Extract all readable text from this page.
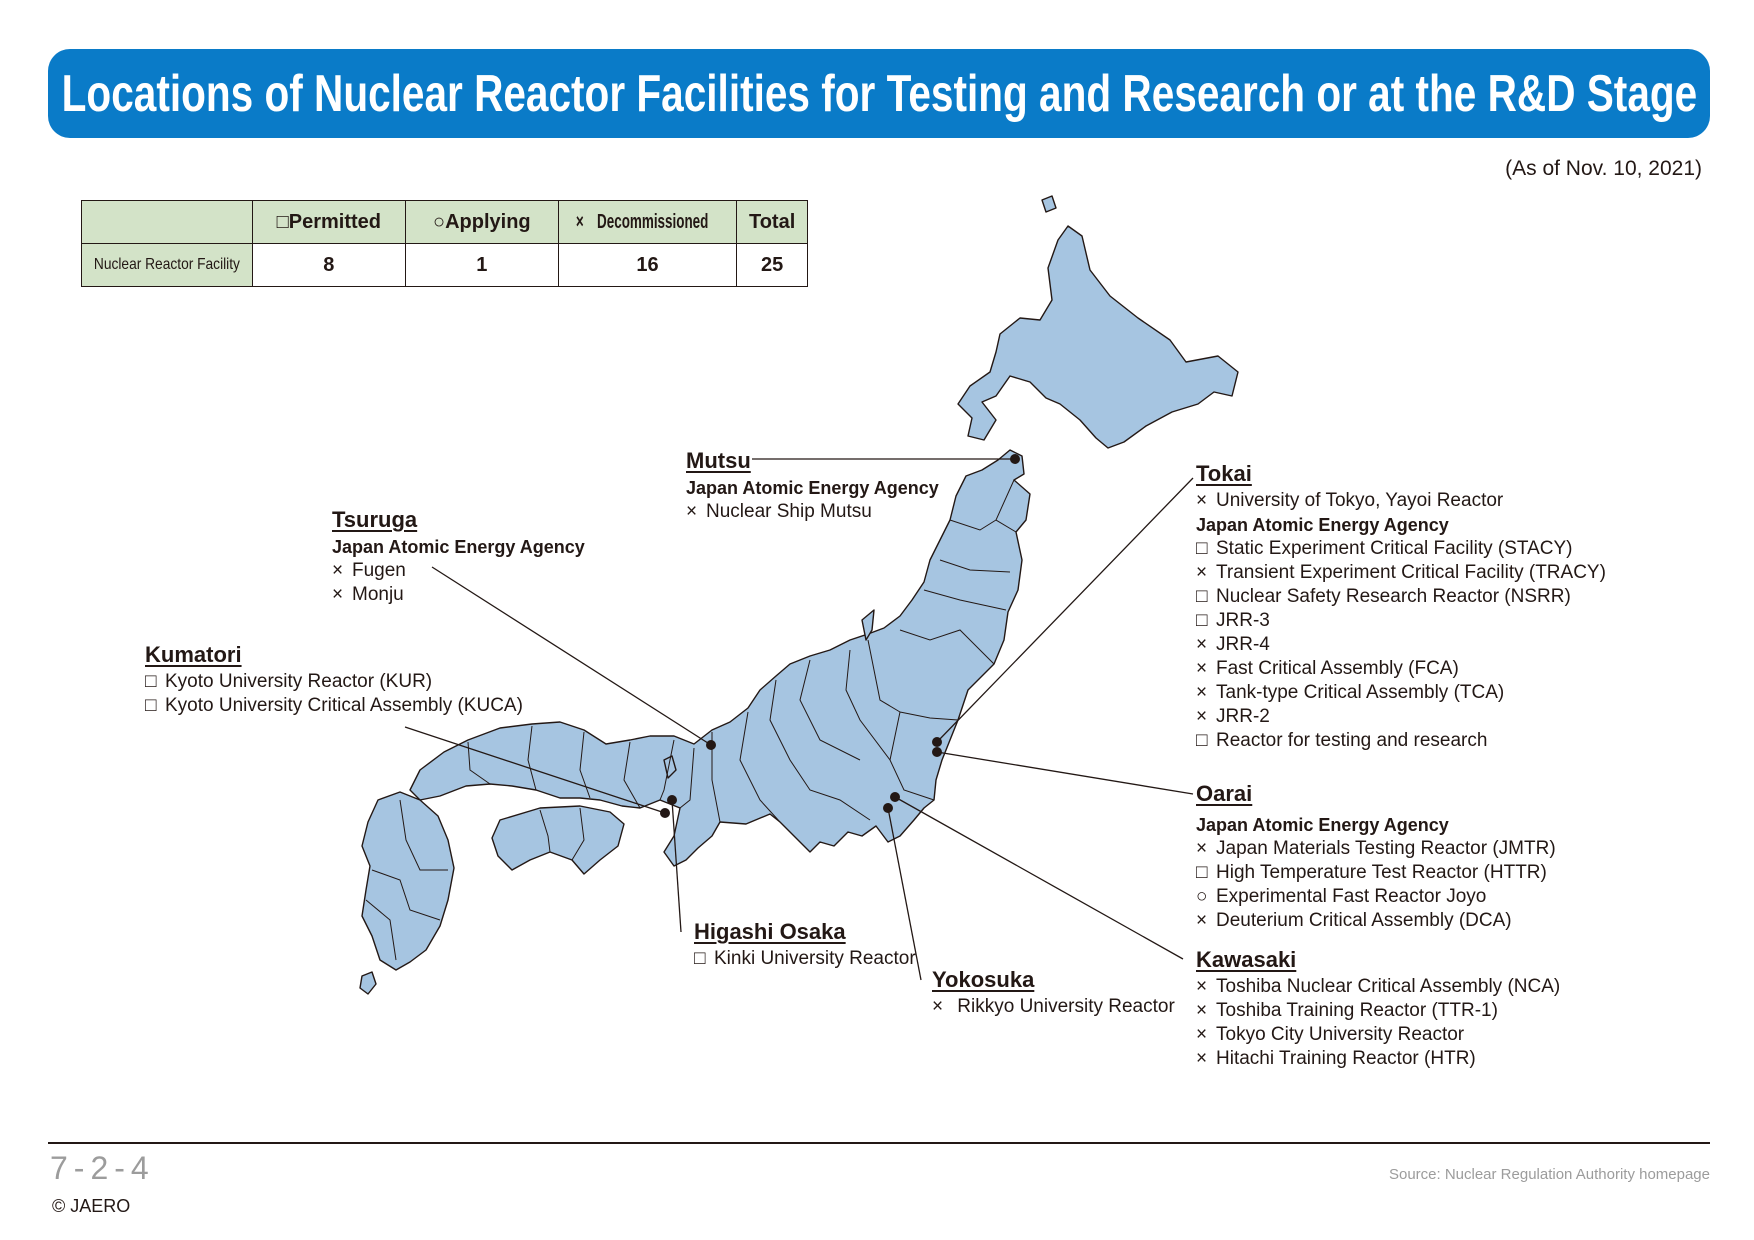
Locations of Nuclear Reactor Facilities for Testing and Research or at the R&D Stage
(As of Nov. 10, 2021)
	□Permitted	○Applying	× Decommissioned	Total
Nuclear Reactor Facility	8	1	16	25
Mutsu
Japan Atomic Energy Agency
× Nuclear Ship Mutsu
Tsuruga
Japan Atomic Energy Agency
× Fugen
× Monju
Kumatori
□ Kyoto University Reactor (KUR)
□ Kyoto University Critical Assembly (KUCA)
Tokai
× University of Tokyo, Yayoi Reactor
Japan Atomic Energy Agency
□ Static Experiment Critical Facility (STACY)
× Transient Experiment Critical Facility (TRACY)
□ Nuclear Safety Research Reactor (NSRR)
□ JRR-3
× JRR-4
× Fast Critical Assembly (FCA)
× Tank-type Critical Assembly (TCA)
× JRR-2
□ Reactor for testing and research
Oarai
Japan Atomic Energy Agency
× Japan Materials Testing Reactor (JMTR)
□ High Temperature Test Reactor (HTTR)
○ Experimental Fast Reactor Joyo
× Deuterium Critical Assembly (DCA)
Kawasaki
× Toshiba Nuclear Critical Assembly (NCA)
× Toshiba Training Reactor (TTR-1)
× Tokyo City University Reactor
× Hitachi Training Reactor (HTR)
Higashi Osaka
□ Kinki University Reactor
Yokosuka
× Rikkyo University Reactor
7-2-4
© JAERO
Source: Nuclear Regulation Authority homepage
